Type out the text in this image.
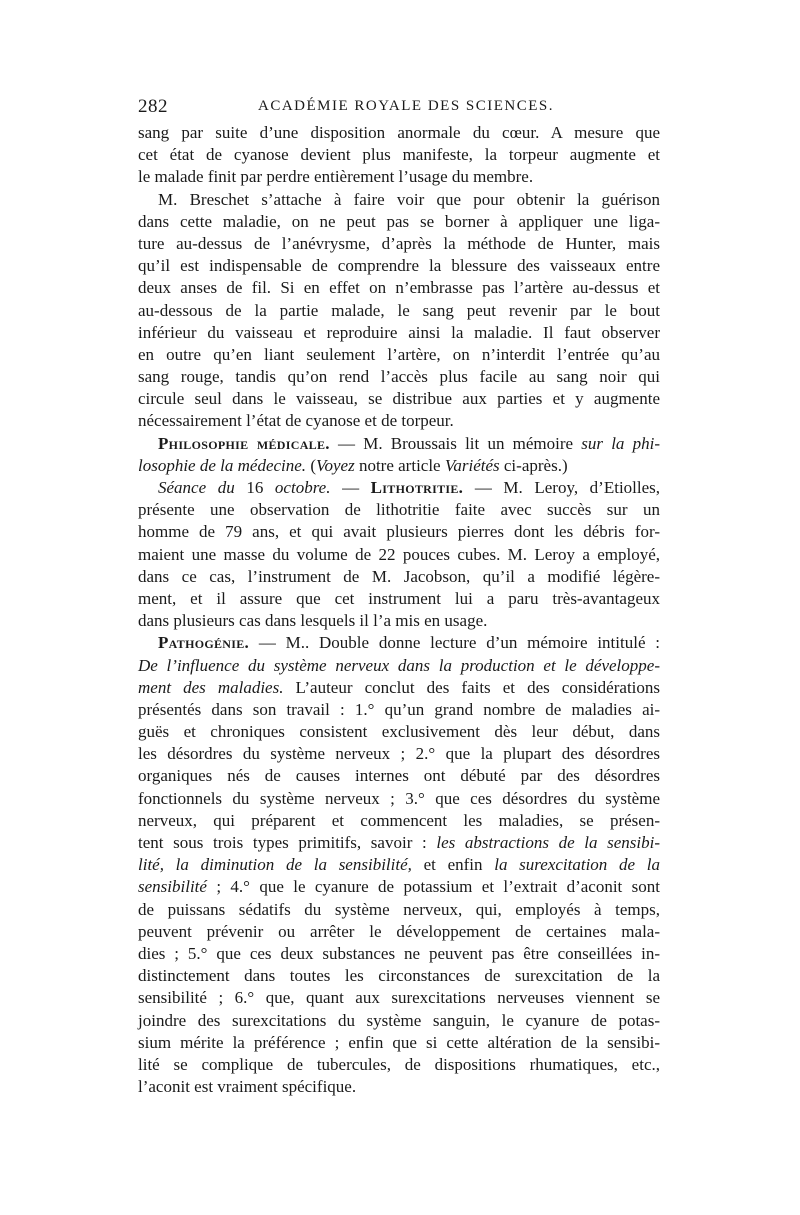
282	ACADÉMIE ROYALE DES SCIENCES.
sang par suite d’une disposition anormale du cœur. A mesure que
cet état de cyanose devient plus manifeste, la torpeur augmente et
le malade finit par perdre entièrement l’usage du membre.
M. Breschet s’attache à faire voir que pour obtenir la guérison
dans cette maladie, on ne peut pas se borner à appliquer une liga-
ture au-dessus de l’anévrysme, d’après la méthode de Hunter, mais
qu’il est indispensable de comprendre la blessure des vaisseaux entre
deux anses de fil. Si en effet on n’embrasse pas l’artère au-dessus et
au-dessous de la partie malade, le sang peut revenir par le bout
inférieur du vaisseau et reproduire ainsi la maladie. Il faut observer
en outre qu’en liant seulement l’artère, on n’interdit l’entrée qu’au
sang rouge, tandis qu’on rend l’accès plus facile au sang noir qui
circule seul dans le vaisseau, se distribue aux parties et y augmente
nécessairement l’état de cyanose et de torpeur.
Philosophie médicale. — M. Broussais lit un mémoire sur la phi-
losophie de la médecine. (Voyez notre article Variétés ci-après.)
Séance du 16 octobre. — Lithotritie. — M. Leroy, d’Etiolles,
présente une observation de lithotritie faite avec succès sur un
homme de 79 ans, et qui avait plusieurs pierres dont les débris for-
maient une masse du volume de 22 pouces cubes. M. Leroy a employé,
dans ce cas, l’instrument de M. Jacobson, qu’il a modifié légère-
ment, et il assure que cet instrument lui a paru très-avantageux
dans plusieurs cas dans lesquels il l’a mis en usage.
Pathogénie. — M.. Double donne lecture d’un mémoire intitulé :
De l’influence du système nerveux dans la production et le développe-
ment des maladies. L’auteur conclut des faits et des considérations
présentés dans son travail : 1.° qu’un grand nombre de maladies ai-
guës et chroniques consistent exclusivement dès leur début, dans
les désordres du système nerveux ; 2.° que la plupart des désordres
organiques nés de causes internes ont débuté par des désordres
fonctionnels du système nerveux ; 3.° que ces désordres du système
nerveux, qui préparent et commencent les maladies, se présen-
tent sous trois types primitifs, savoir : les abstractions de la sensibi-
lité, la diminution de la sensibilité, et enfin la surexcitation de la
sensibilité ; 4.° que le cyanure de potassium et l’extrait d’aconit sont
de puissans sédatifs du système nerveux, qui, employés à temps,
peuvent prévenir ou arrêter le développement de certaines mala-
dies ; 5.° que ces deux substances ne peuvent pas être conseillées in-
distinctement dans toutes les circonstances de surexcitation de la
sensibilité ; 6.° que, quant aux surexcitations nerveuses viennent se
joindre des surexcitations du système sanguin, le cyanure de potas-
sium mérite la préférence ; enfin que si cette altération de la sensibi-
lité se complique de tubercules, de dispositions rhumatiques, etc.,
l’aconit est vraiment spécifique.
